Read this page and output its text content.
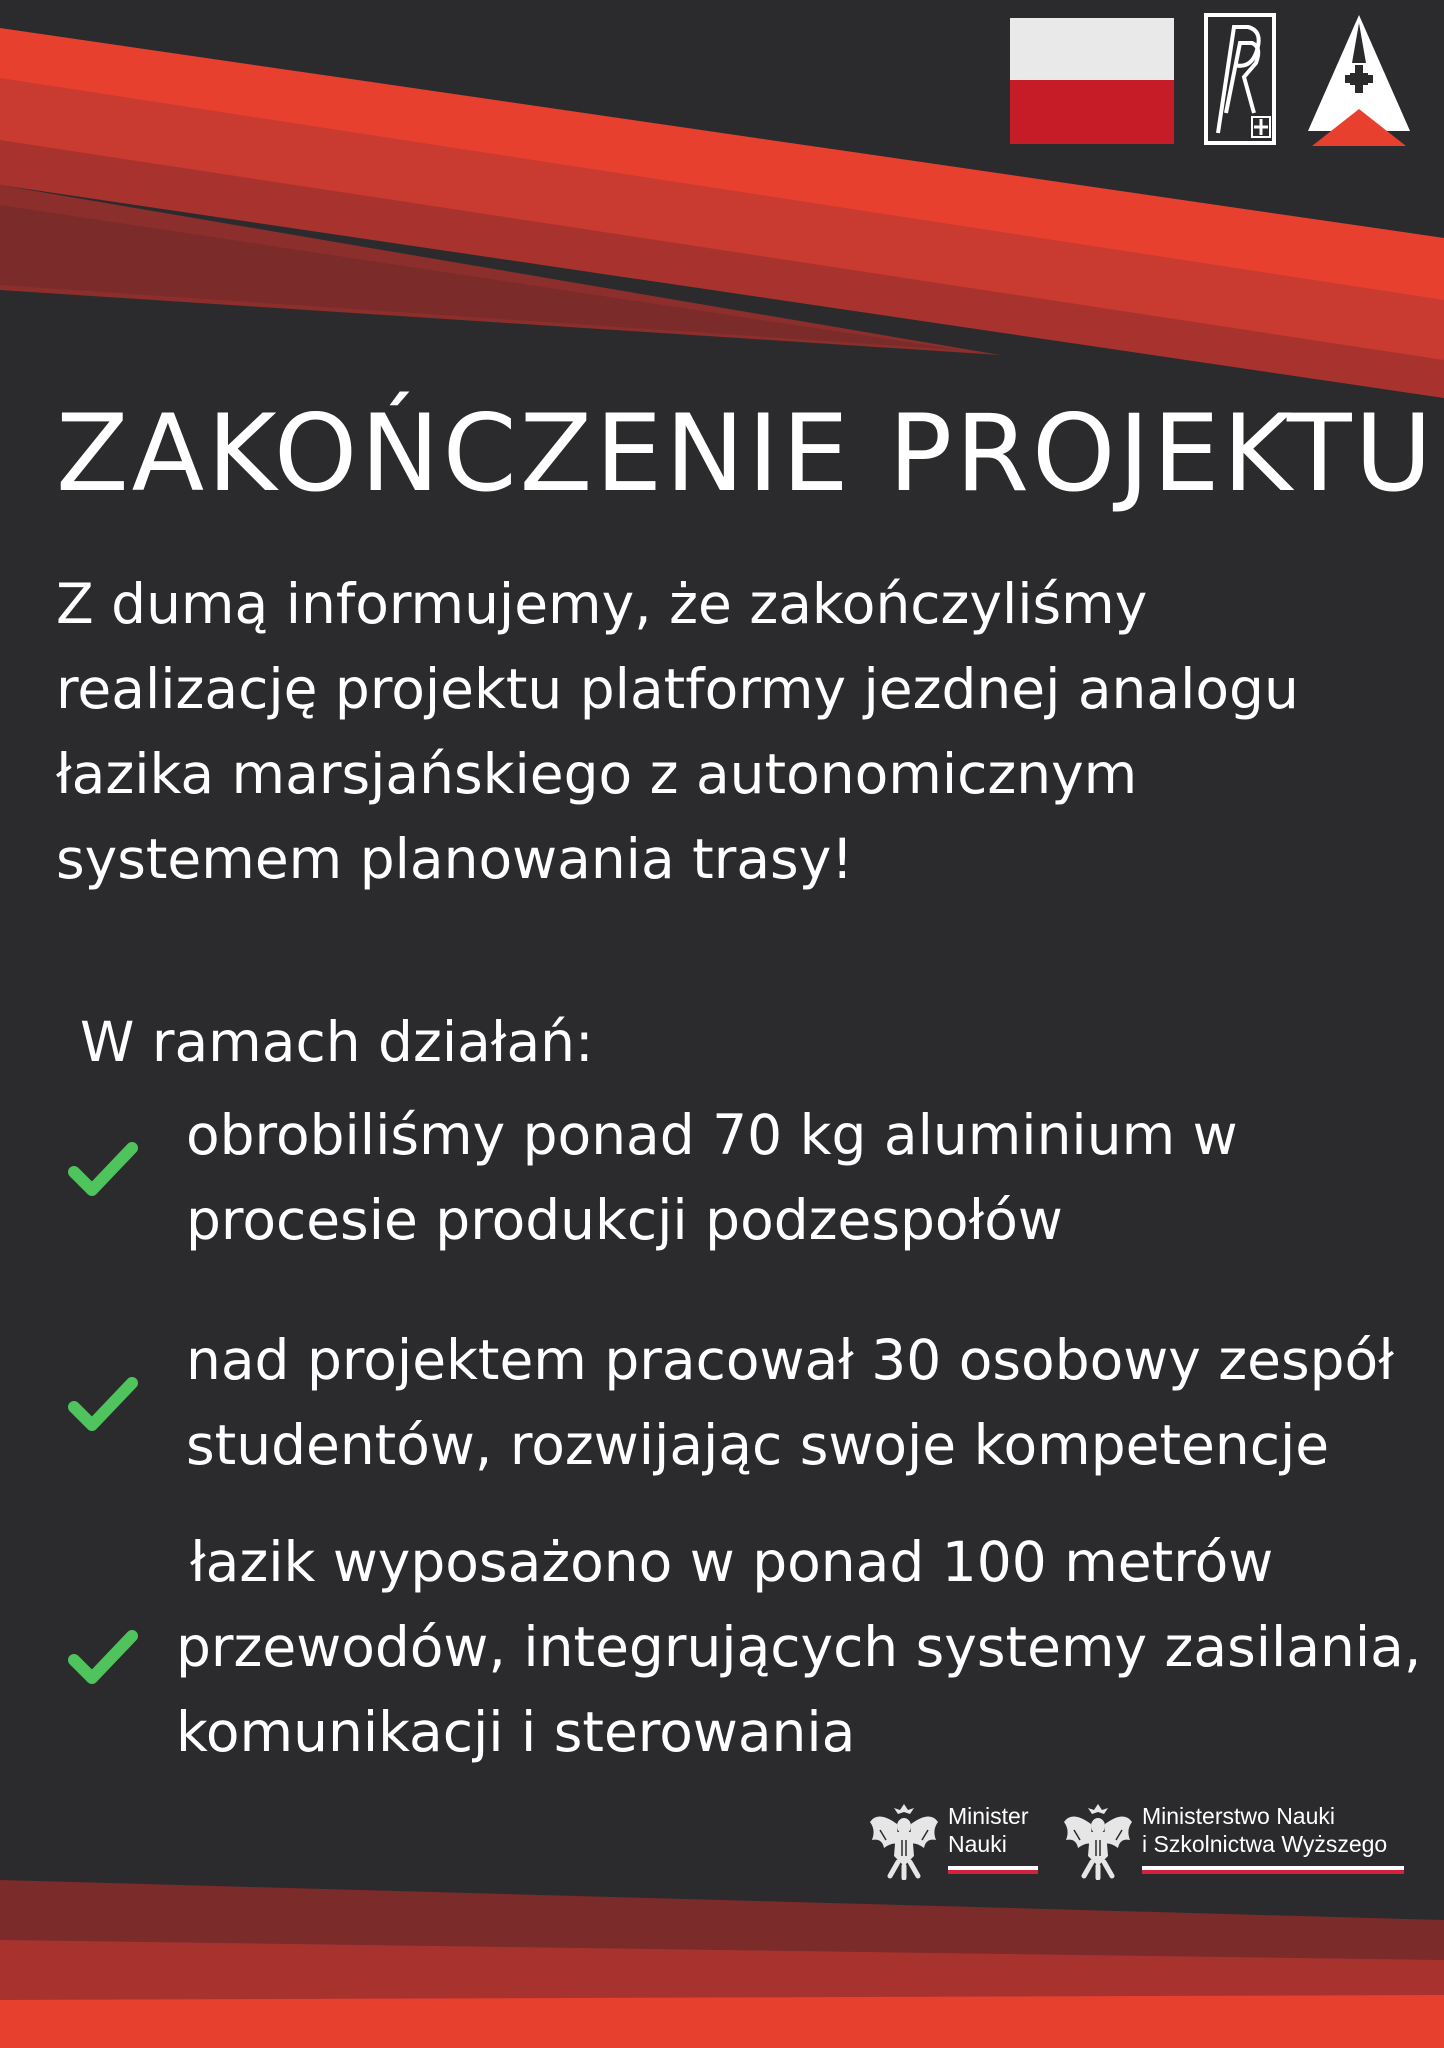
ZAKOŃCZENIE PROJEKTU
Z dumą informujemy, że zakończyliśmy
realizację projektu platformy jezdnej analogu
łazika marsjańskiego z autonomicznym
systemem planowania trasy!
W ramach działań:
obrobiliśmy ponad 70 kg aluminium w
procesie produkcji podzespołów
nad projektem pracował 30 osobowy zespół
studentów, rozwijając swoje kompetencje
łazik wyposażono w ponad 100 metrów
przewodów, integrujących systemy zasilania,
komunikacji i sterowania
Minister
Nauki
Ministerstwo Nauki
i Szkolnictwa Wyższego
